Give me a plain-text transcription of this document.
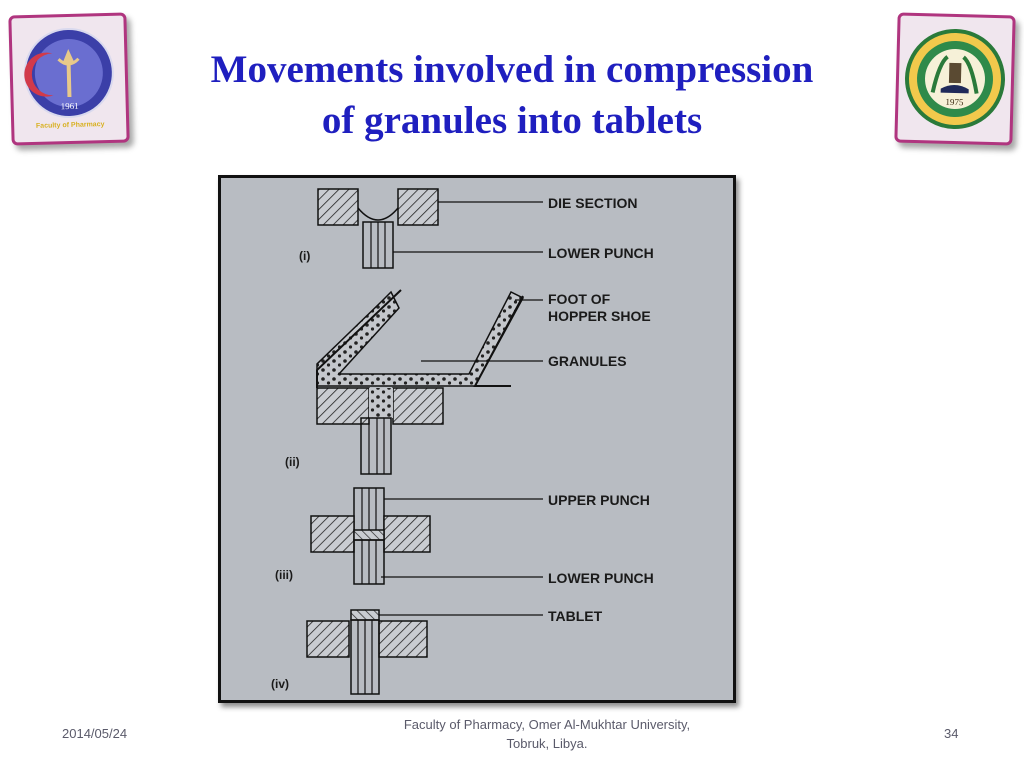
1961
Faculty of Pharmacy
Movements involved in compression
of granules into tablets	1975
DIE SECTION
LOWER PUNCH
(i)
FOOT OF
HOPPER SHOE
GRANULES
(ii)
UPPER PUNCH
LOWER PUNCH
(iii)
TABLET
(iv)
2014/05/24
Faculty of Pharmacy, Omer Al-Mukhtar University,
Tobruk, Libya.
34
